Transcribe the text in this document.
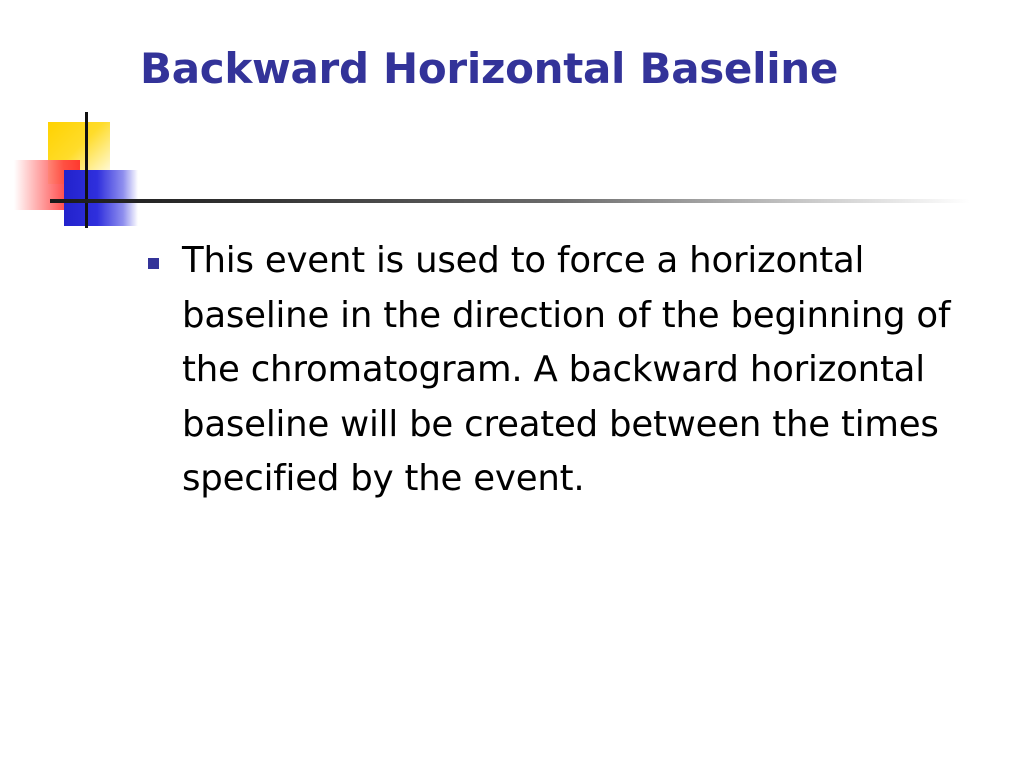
Backward Horizontal Baseline
This event is used to force a horizontal baseline in the direction of the beginning of the chromatogram. A backward horizontal baseline will be created between the times specified by the event.
